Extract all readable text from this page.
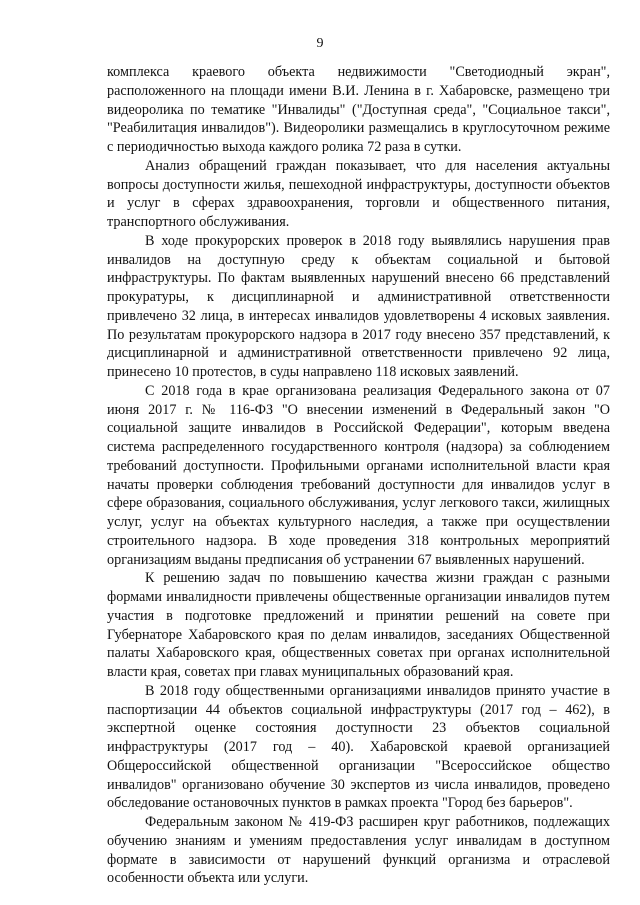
9

комплекса краевого объекта недвижимости "Светодиодный экран", расположенного на площади имени В.И. Ленина в г. Хабаровске, размещено три видеоролика по тематике "Инвалиды" ("Доступная среда", "Социальное такси", "Реабилитация инвалидов"). Видеоролики размещались в круглосуточном режиме с периодичностью выхода каждого ролика 72 раза в сутки.

Анализ обращений граждан показывает, что для населения актуальны вопросы доступности жилья, пешеходной инфраструктуры, доступности объектов и услуг в сферах здравоохранения, торговли и общественного питания, транспортного обслуживания.

В ходе прокурорских проверок в 2018 году выявлялись нарушения прав инвалидов на доступную среду к объектам социальной и бытовой инфраструктуры. По фактам выявленных нарушений внесено 66 представлений прокуратуры, к дисциплинарной и административной ответственности привлечено 32 лица, в интересах инвалидов удовлетворены 4 исковых заявления. По результатам прокурорского надзора в 2017 году внесено 357 представлений, к дисциплинарной и административной ответственности привлечено 92 лица, принесено 10 протестов, в суды направлено 118 исковых заявлений.

С 2018 года в крае организована реализация Федерального закона от 07 июня 2017 г. № 116-ФЗ "О внесении изменений в Федеральный закон "О социальной защите инвалидов в Российской Федерации", которым введена система распределенного государственного контроля (надзора) за соблюдением требований доступности. Профильными органами исполнительной власти края начаты проверки соблюдения требований доступности для инвалидов услуг в сфере образования, социального обслуживания, услуг легкового такси, жилищных услуг, услуг на объектах культурного наследия, а также при осуществлении строительного надзора. В ходе проведения 318 контрольных мероприятий организациям выданы предписания об устранении 67 выявленных нарушений.

К решению задач по повышению качества жизни граждан с разными формами инвалидности привлечены общественные организации инвалидов путем участия в подготовке предложений и принятии решений на совете при Губернаторе Хабаровского края по делам инвалидов, заседаниях Общественной палаты Хабаровского края, общественных советах при органах исполнительной власти края, советах при главах муниципальных образований края.

В 2018 году общественными организациями инвалидов принято участие в паспортизации 44 объектов социальной инфраструктуры (2017 год – 462), в экспертной оценке состояния доступности 23 объектов социальной инфраструктуры (2017 год – 40). Хабаровской краевой организацией Общероссийской общественной организации "Всероссийское общество инвалидов" организовано обучение 30 экспертов из числа инвалидов, проведено обследование остановочных пунктов в рамках проекта "Город без барьеров".

Федеральным законом № 419-ФЗ расширен круг работников, подлежащих обучению знаниям и умениям предоставления услуг инвалидам в доступном формате в зависимости от нарушений функций организма и отраслевой особенности объекта или услуги.
